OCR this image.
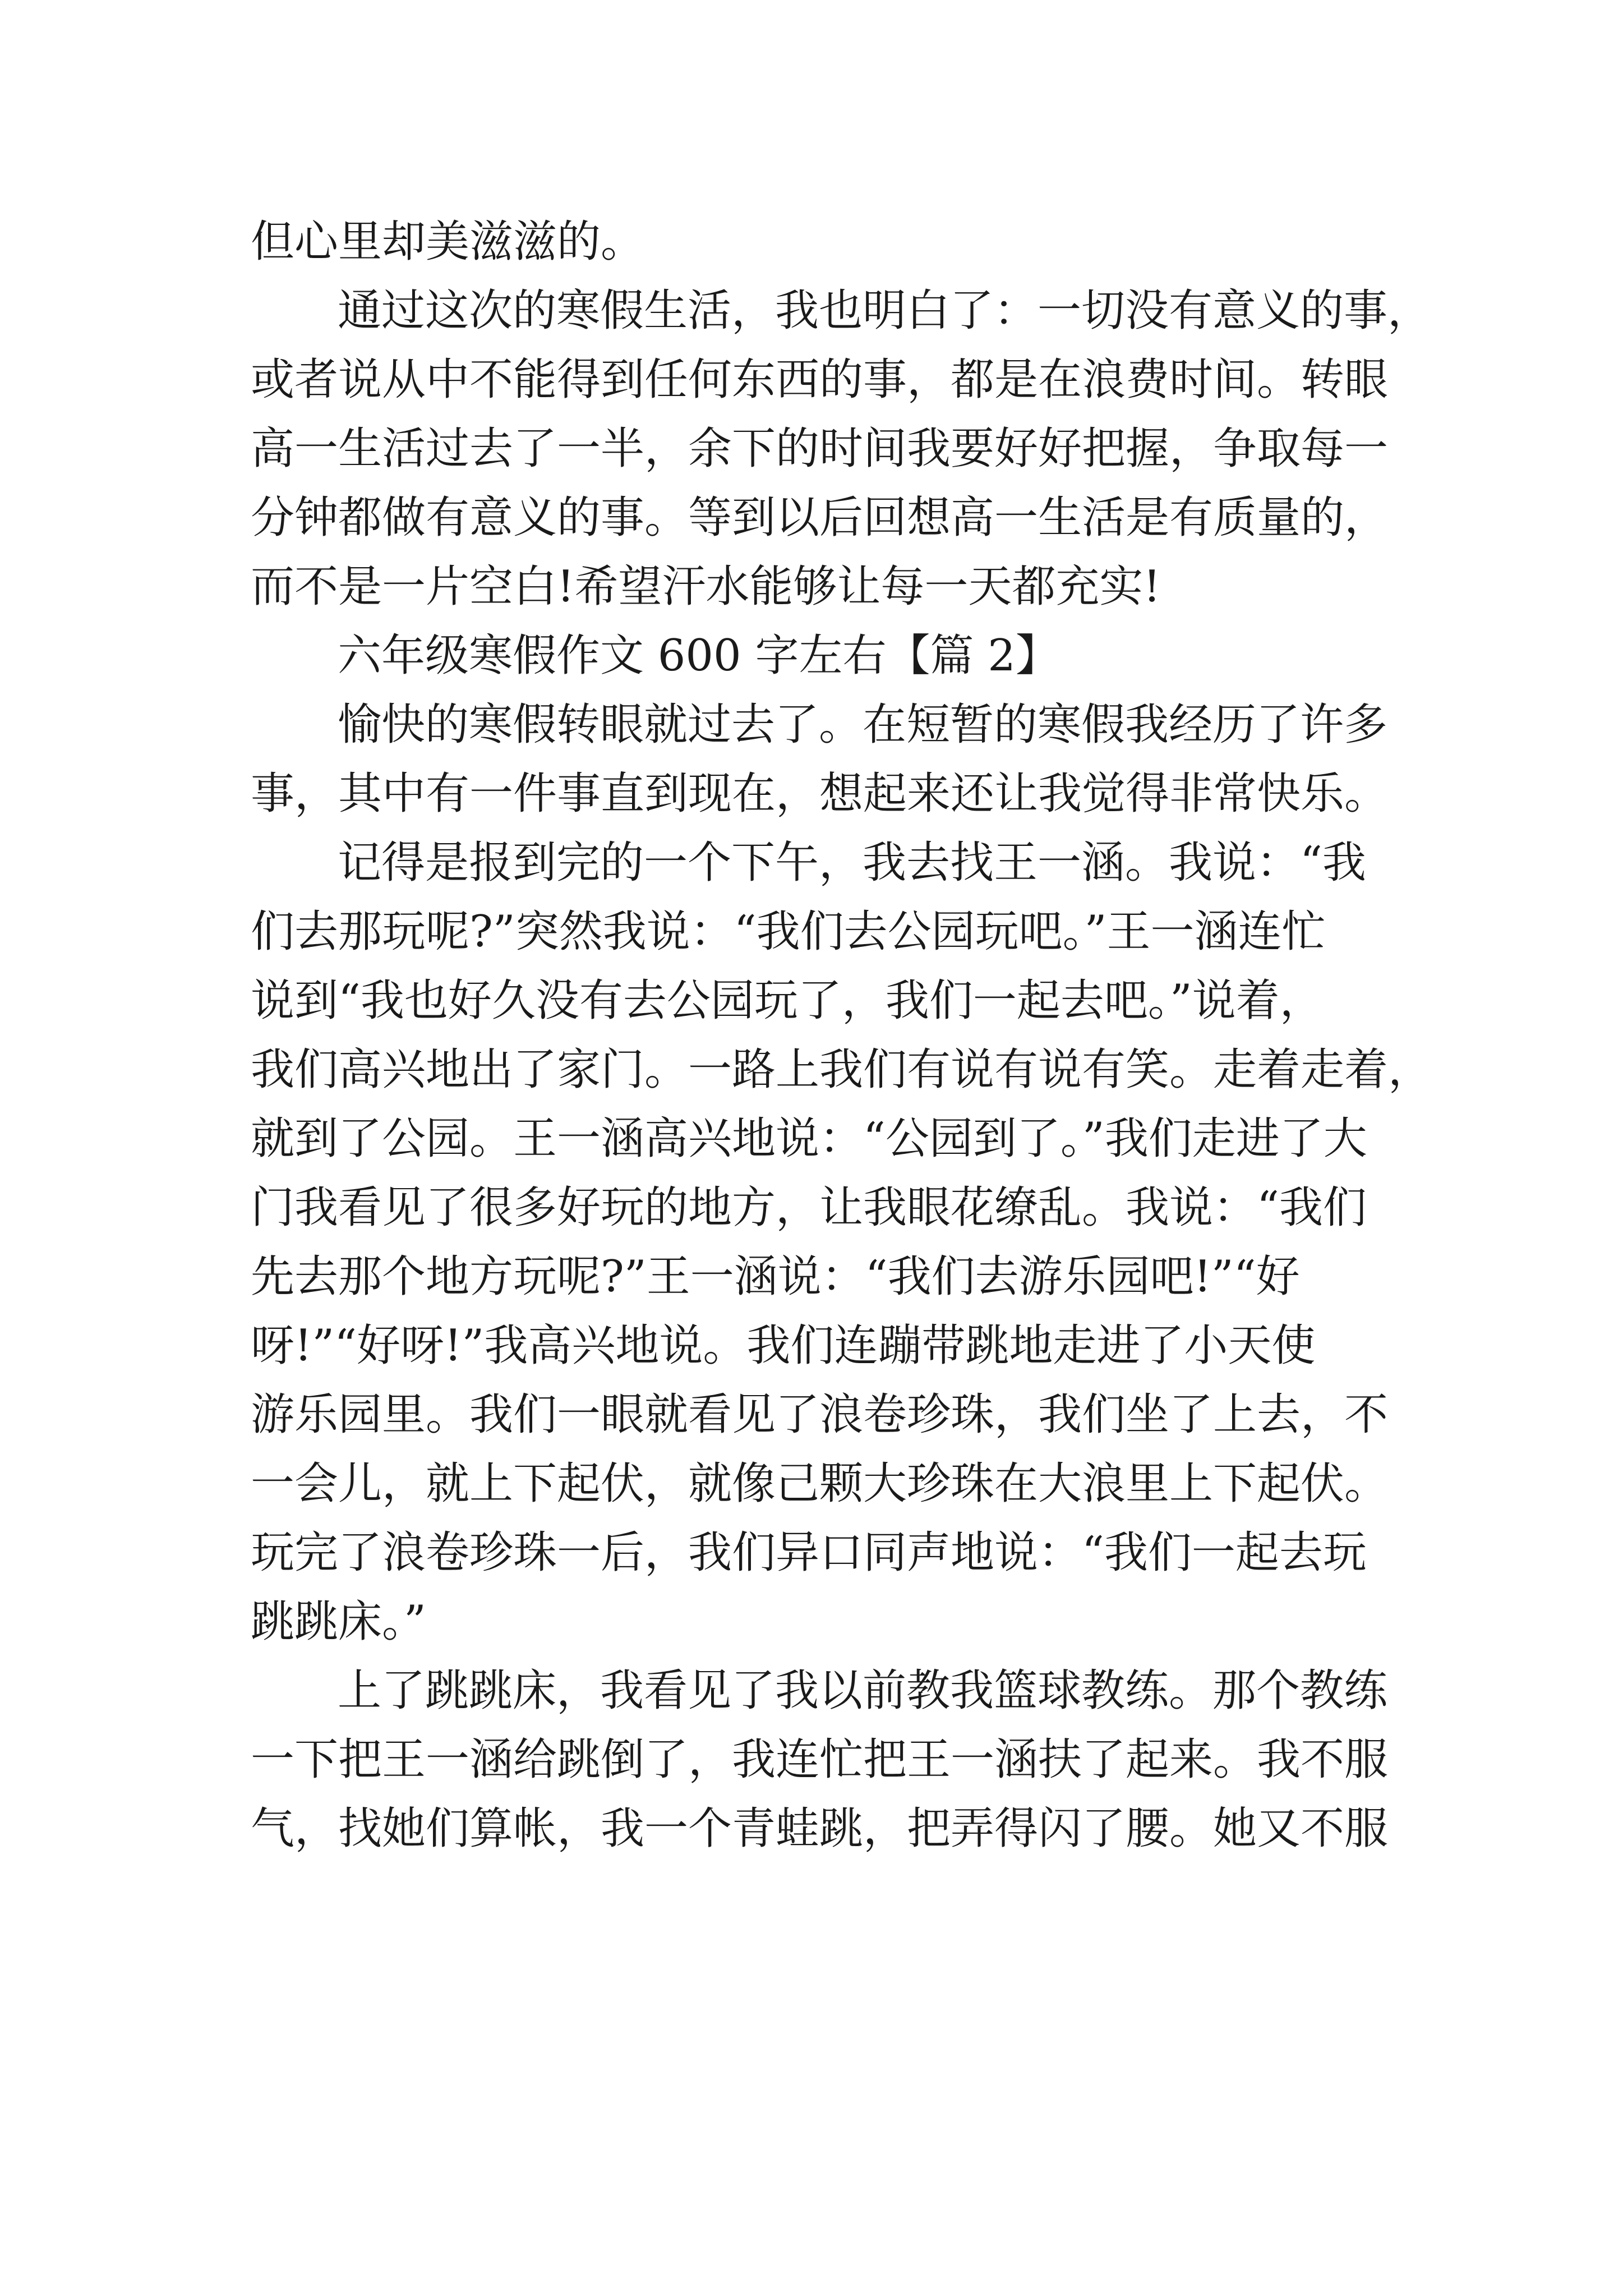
但心里却美滋滋的。
通过这次的寒假生活，我也明白了：一切没有意义的事，
或者说从中不能得到任何东西的事，都是在浪费时间。转眼
高一生活过去了一半，余下的时间我要好好把握，争取每一
分钟都做有意义的事。等到以后回想高一生活是有质量的，
而不是一片空白!希望汗水能够让每一天都充实!
六年级寒假作文 600 字左右【篇 2】
愉快的寒假转眼就过去了。在短暂的寒假我经历了许多
事，其中有一件事直到现在，想起来还让我觉得非常快乐。
记得是报到完的一个下午，我去找王一涵。我说：“我
们去那玩呢?”突然我说：“我们去公园玩吧。”王一涵连忙
说到“我也好久没有去公园玩了，我们一起去吧。”说着，
我们高兴地出了家门。一路上我们有说有说有笑。走着走着，
就到了公园。王一涵高兴地说：“公园到了。”我们走进了大
门我看见了很多好玩的地方，让我眼花缭乱。我说：“我们
先去那个地方玩呢?”王一涵说：“我们去游乐园吧!”“好
呀!”“好呀!”我高兴地说。我们连蹦带跳地走进了小天使
游乐园里。我们一眼就看见了浪卷珍珠，我们坐了上去，不
一会儿，就上下起伏，就像己颗大珍珠在大浪里上下起伏。
玩完了浪卷珍珠一后，我们异口同声地说：“我们一起去玩
跳跳床。”
上了跳跳床，我看见了我以前教我篮球教练。那个教练
一下把王一涵给跳倒了，我连忙把王一涵扶了起来。我不服
气，找她们算帐，我一个青蛙跳，把弄得闪了腰。她又不服
